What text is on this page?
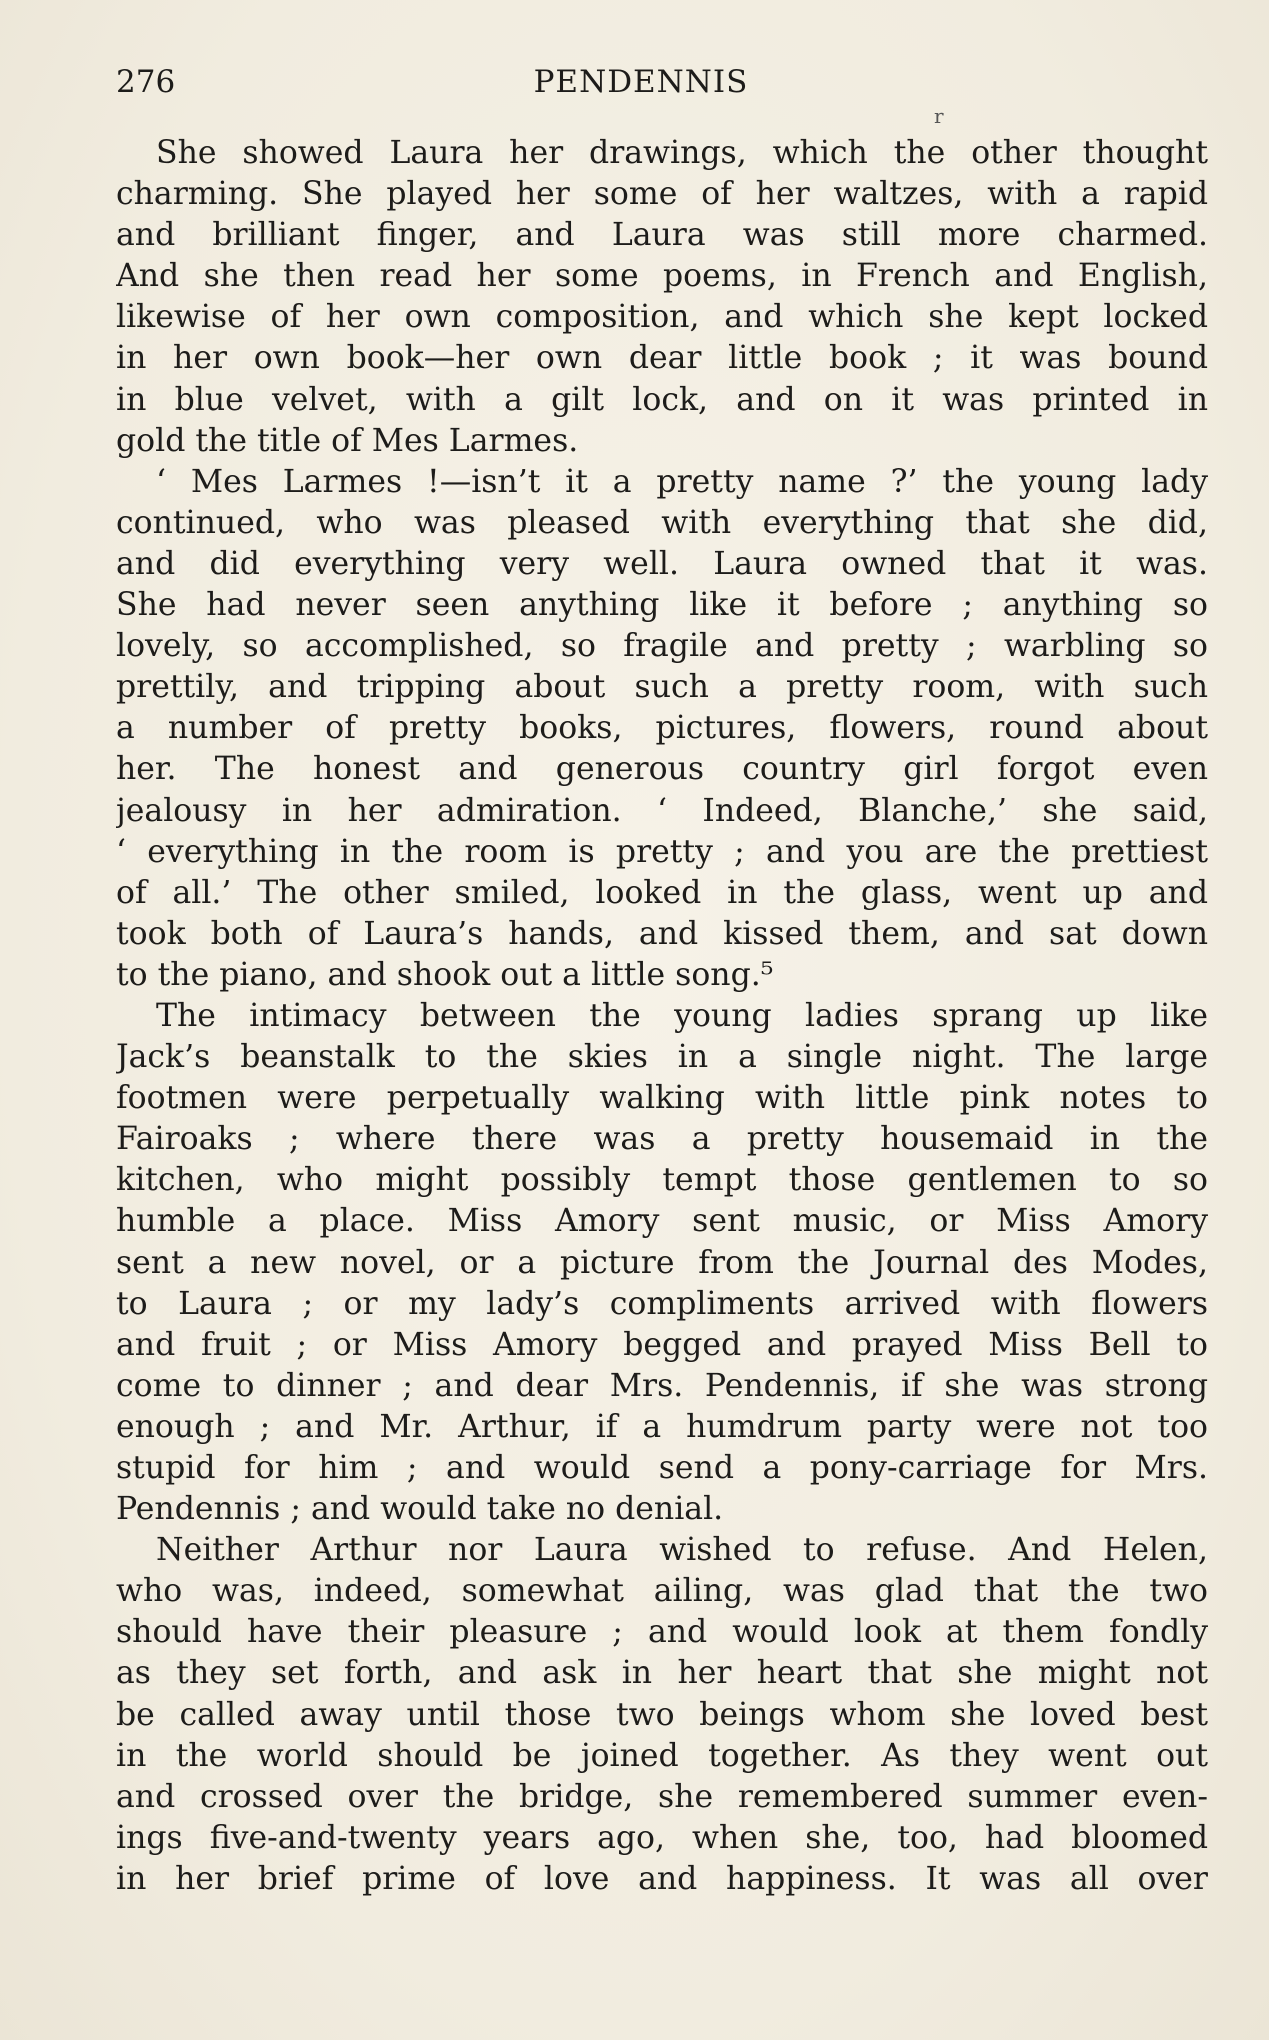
276	PENDENNIS
r
She showed Laura her drawings, which the other thought
charming. She played her some of her waltzes, with a rapid
and brilliant finger, and Laura was still more charmed.
And she then read her some poems, in French and English,
likewise of her own composition, and which she kept locked
in her own book—her own dear little book ; it was bound
in blue velvet, with a gilt lock, and on it was printed in
gold the title of Mes Larmes.
‘ Mes Larmes !—isn’t it a pretty name ?’ the young lady
continued, who was pleased with everything that she did,
and did everything very well. Laura owned that it was.
She had never seen anything like it before ; anything so
lovely, so accomplished, so fragile and pretty ; warbling so
prettily, and tripping about such a pretty room, with such
a number of pretty books, pictures, flowers, round about
her. The honest and generous country girl forgot even
jealousy in her admiration. ‘ Indeed, Blanche,’ she said,
‘ everything in the room is pretty ; and you are the prettiest
of all.’ The other smiled, looked in the glass, went up and
took both of Laura’s hands, and kissed them, and sat down
to the piano, and shook out a little song.⁵
The intimacy between the young ladies sprang up like
Jack’s beanstalk to the skies in a single night. The large
footmen were perpetually walking with little pink notes to
Fairoaks ; where there was a pretty housemaid in the
kitchen, who might possibly tempt those gentlemen to so
humble a place. Miss Amory sent music, or Miss Amory
sent a new novel, or a picture from the Journal des Modes,
to Laura ; or my lady’s compliments arrived with flowers
and fruit ; or Miss Amory begged and prayed Miss Bell to
come to dinner ; and dear Mrs. Pendennis, if she was strong
enough ; and Mr. Arthur, if a humdrum party were not too
stupid for him ; and would send a pony-carriage for Mrs.
Pendennis ; and would take no denial.
Neither Arthur nor Laura wished to refuse. And Helen,
who was, indeed, somewhat ailing, was glad that the two
should have their pleasure ; and would look at them fondly
as they set forth, and ask in her heart that she might not
be called away until those two beings whom she loved best
in the world should be joined together. As they went out
and crossed over the bridge, she remembered summer even-
ings five-and-twenty years ago, when she, too, had bloomed
in her brief prime of love and happiness. It was all over
